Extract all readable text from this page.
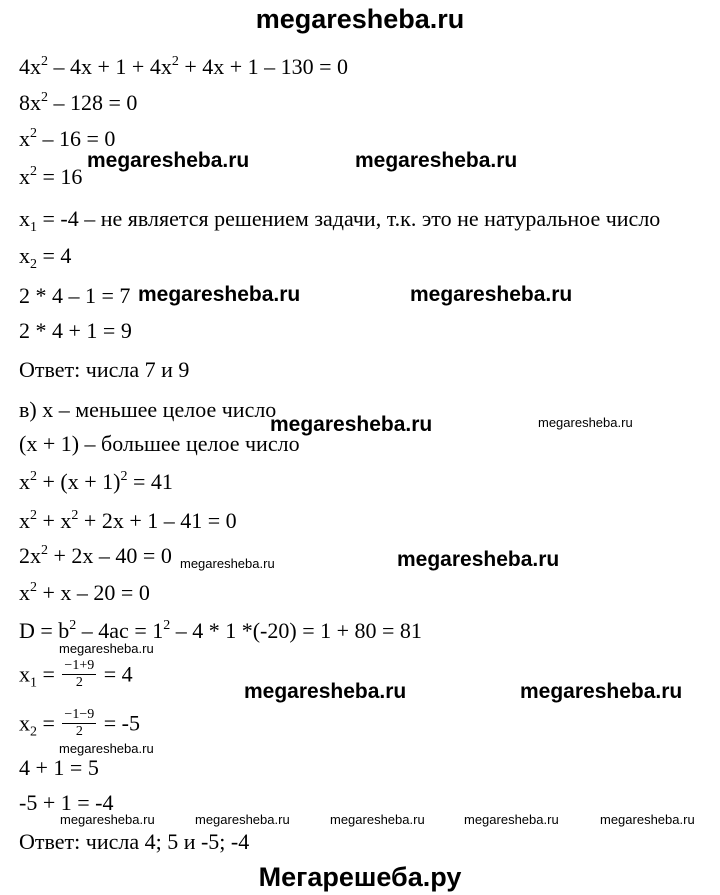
megaresheba.ru
$4x^2 - 4x + 1 + 4x^2 + 4x + 1 - 130 = 0$
$8x^2 - 128 = 0$
$x^2 - 16 = 0$
$x^2 = 16$
$x_1 = -4$ – не является решением задачи, т.к. это не натуральное число
$x_2 = 4$
2 * 4 – 1 = 7
2 * 4 + 1 = 9
Ответ: числа 7 и 9
в) x – меньшее целое число
(x + 1) – большее целое число
$x^2 + (x + 1)^2 = 41$
$x^2 + x^2 + 2x + 1 - 41 = 0$
$2x^2 + 2x - 40 = 0$
$x^2 + x - 20 = 0$
$D = b^2 - 4ac = 1^2 - 4 * 1$ *(-20) = 1 + 80 = 81
$x_1 = \frac{-1+9}{2} = 4$
$x_2 = \frac{-1-9}{2} = -5$
4 + 1 = 5
-5 + 1 = -4
Ответ: числа 4; 5 и -5; -4
megaresheba.ru	megaresheba.ru
megaresheba.ru	megaresheba.ru
megaresheba.ru
megaresheba.ru
megaresheba.ru	megaresheba.ru
megaresheba.ru
megaresheba.ru
megaresheba.ru
megaresheba.ru
megaresheba.ru	megaresheba.ru	megaresheba.ru	megaresheba.ru	megaresheba.ru
Мегарешеба.ру
